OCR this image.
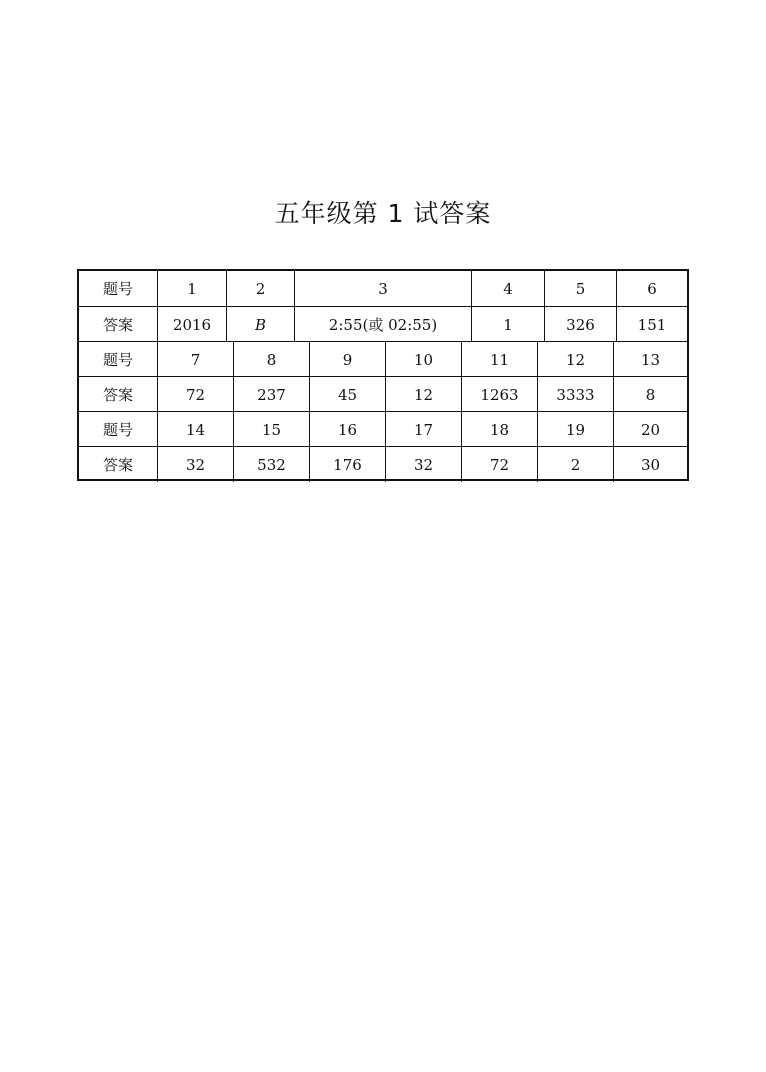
五年级第 1 试答案
题号	1	2	3	4	5	6
答案	2016	B	2:55(或 02:55)	1	326	151
题号	7	8	9	10	11	12	13
答案	72	237	45	12	1263	3333	8
题号	14	15	16	17	18	19	20
答案	32	532	176	32	72	2	30
